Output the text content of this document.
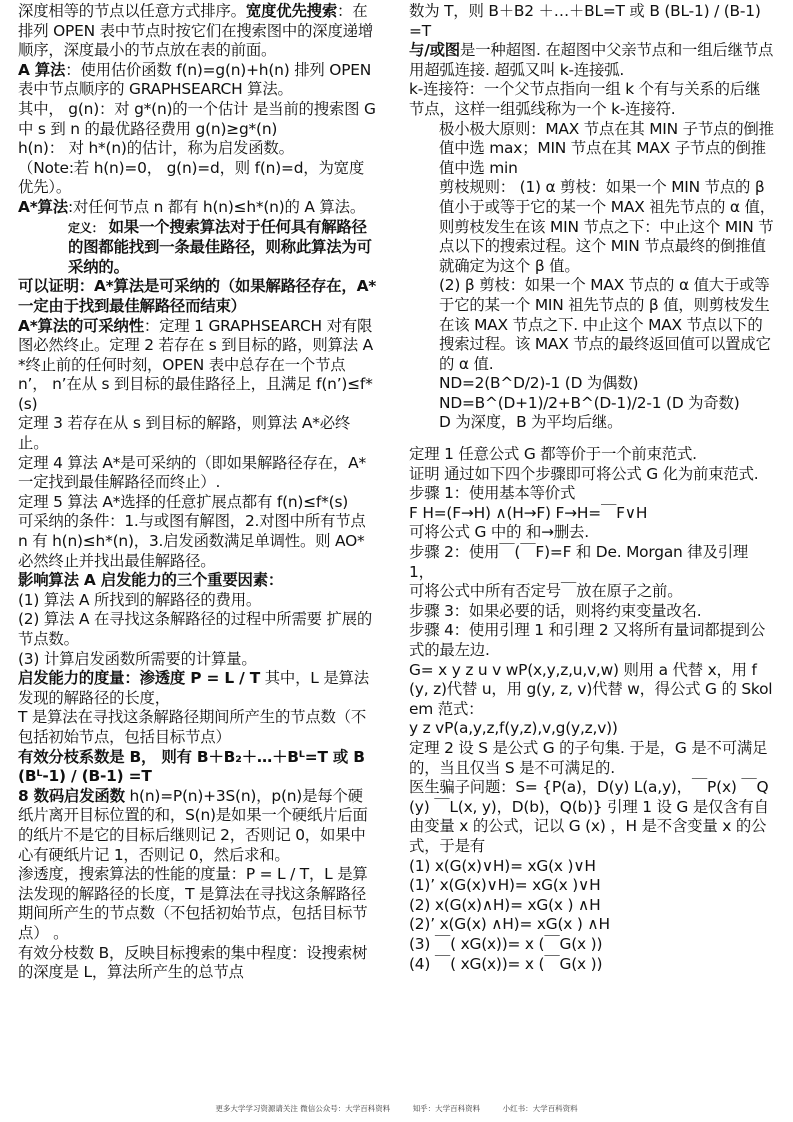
深度相等的节点以任意方式排序。宽度优先搜索：在排列 OPEN 表中节点时按它们在搜索图中的深度递增顺序，深度最小的节点放在表的前面。
A 算法：使用估价函数 f(n)=g(n)+h(n) 排列 OPEN 表中节点顺序的 GRAPHSEARCH 算法。
其中， g(n)：对 g*(n)的一个估计 是当前的搜索图 G 中 s 到 n 的最优路径费用 g(n)≥g*(n)
h(n)： 对 h*(n)的估计，称为启发函数。
（Note:若 h(n)=0， g(n)=d，则 f(n)=d，为宽度优先）。
A*算法:对任何节点 n 都有 h(n)≤h*(n)的 A 算法。
定义： 如果一个搜索算法对于任何具有解路径的图都能找到一条最佳路径，则称此算法为可采纳的。
可以证明：A*算法是可采纳的（如果解路径存在，A*一定由于找到最佳解路径而结束）
A*算法的可采纳性：定理 1 GRAPHSEARCH 对有限图必然终止。定理 2 若存在 s 到目标的路，则算法 A*终止前的任何时刻，OPEN 表中总存在一个节点 n’， n’在从 s 到目标的最佳路径上，且满足 f(n’)≤f*(s)
定理 3 若存在从 s 到目标的解路，则算法 A*必终止。
定理 4 算法 A*是可采纳的（即如果解路径存在，A*一定找到最佳解路径而终止）.
定理 5 算法 A*选择的任意扩展点都有 f(n)≤f*(s)
可采纳的条件：1.与或图有解图，2.对图中所有节点 n 有 h(n)≤h*(n)，3.启发函数满足单调性。则 AO*必然终止并找出最佳解路径。
影响算法 A 启发能力的三个重要因素：
(1) 算法 A 所找到的解路径的费用。
(2) 算法 A 在寻找这条解路径的过程中所需要 扩展的节点数。
(3) 计算启发函数所需要的计算量。
启发能力的度量：渗透度 P = L / T 其中，L 是算法发现的解路径的长度，
T 是算法在寻找这条解路径期间所产生的节点数（不包括初始节点，包括目标节点）
有效分枝系数是 B， 则有 B＋B₂＋…＋Bᴸ=T 或 B (Bᴸ-1) / (B-1) =T
8 数码启发函数 h(n)=P(n)+3S(n)，p(n)是每个硬纸片离开目标位置的和，S(n)是如果一个硬纸片后面的纸片不是它的目标后继则记 2，否则记 0，如果中心有硬纸片记 1，否则记 0，然后求和。
渗透度，搜索算法的性能的度量：P = L / T，L 是算法发现的解路径的长度，T 是算法在寻找这条解路径期间所产生的节点数（不包括初始节点，包括目标节点） 。
有效分枝数 B，反映目标搜索的集中程度：设搜索树的深度是 L，算法所产生的总节点
数为 T，则 B＋B2 ＋…＋BL=T 或 B (BL-1) / (B-1) =T
与/或图是一种超图. 在超图中父亲节点和一组后继节点用超弧连接. 超弧又叫 k-连接弧.
k-连接符：一个父节点指向一组 k 个有与关系的后继节点，这样一组弧线称为一个 k-连接符.
极小极大原则：MAX 节点在其 MIN 子节点的倒推值中选 max；MIN 节点在其 MAX 子节点的倒推值中选 min
剪枝规则： (1) α 剪枝：如果一个 MIN 节点的 β 值小于或等于它的某一个 MAX 祖先节点的 α 值，则剪枝发生在该 MIN 节点之下：中止这个 MIN 节点以下的搜索过程。这个 MIN 节点最终的倒推值就确定为这个 β 值。
(2) β 剪枝：如果一个 MAX 节点的 α 值大于或等于它的某一个 MIN 祖先节点的 β 值，则剪枝发生在该 MAX 节点之下. 中止这个 MAX 节点以下的搜索过程。该 MAX 节点的最终返回值可以置成它的 α 值.
ND=2(B^D/2)-1 (D 为偶数)
ND=B^(D+1)/2+B^(D-1)/2-1 (D 为奇数)
D 为深度，B 为平均后继。
定理 1 任意公式 G 都等价于一个前束范式.
证明 通过如下四个步骤即可将公式 G 化为前束范式.
步骤 1：使用基本等价式
F H=(F→H) ∧(H→F) F→H=￣F∨H
可将公式 G 中的 和→删去.
步骤 2：使用￣(￣F)=F 和 De. Morgan 律及引理 1，
可将公式中所有否定号￣放在原子之前。
步骤 3：如果必要的话，则将约束变量改名.
步骤 4：使用引理 1 和引理 2 又将所有量词都提到公式的最左边.
G= x y z u v wP(x,y,z,u,v,w) 则用 a 代替 x，用 f(y, z)代替 u，用 g(y, z, v)代替 w，得公式 G 的 Skolem 范式：
y z vP(a,y,z,f(y,z),v,g(y,z,v))
定理 2 设 S 是公式 G 的子句集. 于是，G 是不可满足的，当且仅当 S 是不可满足的.
医生骗子问题：S= {P(a)，D(y) L(a,y)，￣P(x) ￣Q(y) ￣L(x, y)，D(b)，Q(b)} 引理 1 设 G 是仅含有自由变量 x 的公式，记以 G (x) ，H 是不含变量 x 的公式，于是有
(1) x(G(x)∨H)= xG(x )∨H
(1)’ x(G(x)∨H)= xG(x )∨H
(2) x(G(x)∧H)= xG(x ) ∧H
(2)’ x(G(x) ∧H)= xG(x ) ∧H
(3) ￣( xG(x))= x (￣G(x ))
(4) ￣( xG(x))= x (￣G(x ))
更多大学学习资源请关注 微信公众号：大学百科资料	知乎：大学百科资料	小红书：大学百科资料
